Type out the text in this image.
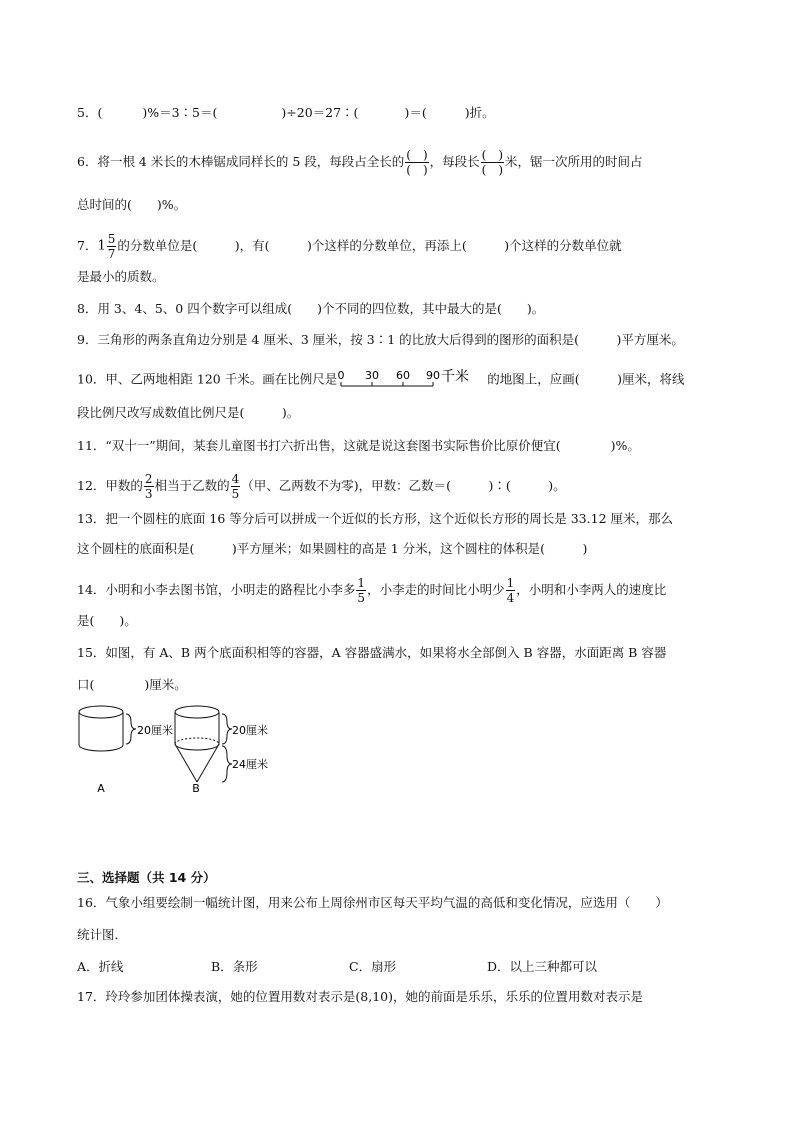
5．(	)%＝3∶5＝(	)÷20＝27∶(	)＝(	)折。
6．将一根 4 米长的木棒锯成同样长的 5 段，每段占全长的 $\frac{( )}{( )}$ ，每段长 $\frac{( )}{( )}$ 米，锯一次所用的时间占
总时间的(　　)%。
7．$1 \frac{5}{7}$ 的分数单位是(　　　)，有(　　　)个这样的分数单位，再添上(　　　)个这样的分数单位就
是最小的质数。
8．用 3、4、5、0 四个数字可以组成(　　)个不同的四位数，其中最大的是(　　)。
9．三角形的两条直角边分别是 4 厘米、3 厘米，按 3∶1 的比放大后得到的图形的面积是(　　　)平方厘米。
10．甲、乙两地相距 120 千米。画在比例尺是 0 30 60 90 千米 的地图上，应画(　　　)厘米，将线
段比例尺改写成数值比例尺是(　　　)。
11．“双十一”期间，某套儿童图书打六折出售，这就是说这套图书实际售价比原价便宜(　　　　)%。
12．甲数的 $\frac{2}{3}$ 相当于乙数的 $\frac{4}{5}$ （甲、乙两数不为零)，甲数：乙数＝(　　　)∶(　　　)。
13．把一个圆柱的底面 16 等分后可以拼成一个近似的长方形，这个近似长方形的周长是 33.12 厘米，那么
这个圆柱的底面积是(　　　)平方厘米；如果圆柱的高是 1 分米，这个圆柱的体积是(　　　)
14．小明和小李去图书馆，小明走的路程比小李多 $\frac{1}{5}$ ，小李走的时间比小明少 $\frac{1}{4}$ ，小明和小李两人的速度比
是(　　)。
15．如图，有 A、B 两个底面积相等的容器，A 容器盛满水，如果将水全部倒入 B 容器，水面距离 B 容器
口(　　　　)厘米。
20厘米	20厘米
24厘米
A	B
三、选择题（共 14 分）
16．气象小组要绘制一幅统计图，用来公布上周徐州市区每天平均气温的高低和变化情况，应选用（　　）
统计图．
A．折线	B．条形	C．扇形	D．以上三种都可以
17．玲玲参加团体操表演，她的位置用数对表示是(8,10)，她的前面是乐乐，乐乐的位置用数对表示是
